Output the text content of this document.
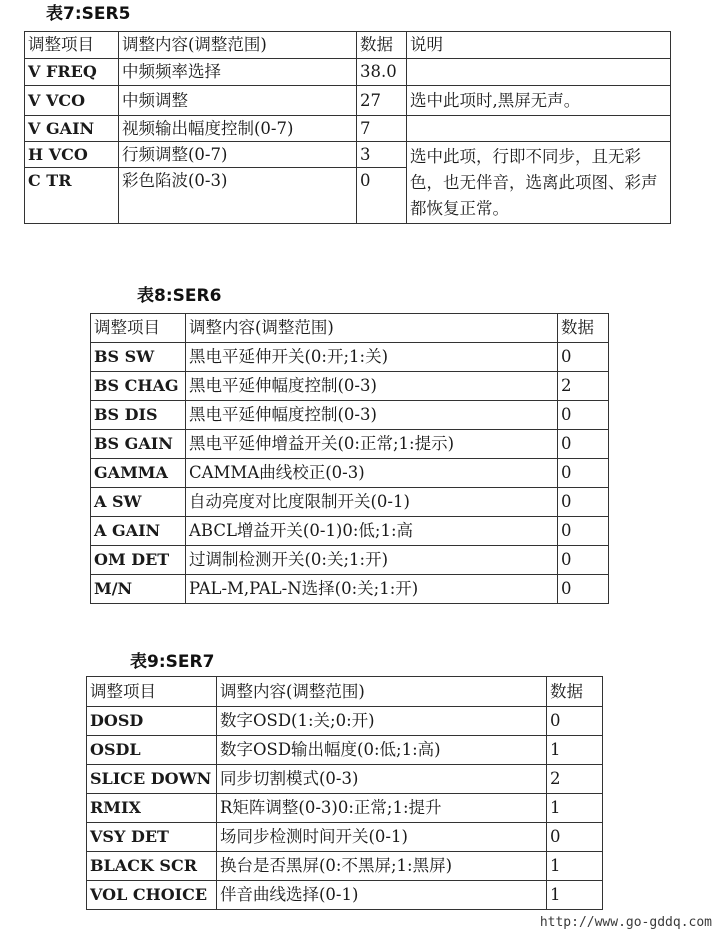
表7:SER5
调整项目	调整内容(调整范围)	数据	说明
V FREQ	中频频率选择	38.0	
V VCO	中频调整	27	选中此项时,黑屏无声。
V GAIN	视频输出幅度控制(0-7)	7	
H VCO	行频调整(0-7)	3	选中此项，行即不同步，且无彩色，也无伴音，选离此项图、彩声都恢复正常。
C TR	彩色陷波(0-3)	0	
表8:SER6
调整项目	调整内容(调整范围)	数据
BS SW	黑电平延伸开关(0:开;1:关)	0
BS CHAG	黑电平延伸幅度控制(0-3)	2
BS DIS	黑电平延伸幅度控制(0-3)	0
BS GAIN	黑电平延伸增益开关(0:正常;1:提示)	0
GAMMA	CAMMA曲线校正(0-3)	0
A SW	自动亮度对比度限制开关(0-1)	0
A GAIN	ABCL增益开关(0-1)0:低;1:高	0
OM DET	过调制检测开关(0:关;1:开)	0
M/N	PAL-M,PAL-N选择(0:关;1:开)	0
表9:SER7
调整项目	调整内容(调整范围)	数据
DOSD	数字OSD(1:关;0:开)	0
OSDL	数字OSD输出幅度(0:低;1:高)	1
SLICE DOWN	同步切割模式(0-3)	2
RMIX	R矩阵调整(0-3)0:正常;1:提升	1
VSY DET	场同步检测时间开关(0-1)	0
BLACK SCR	换台是否黑屏(0:不黑屏;1:黑屏)	1
VOL CHOICE	伴音曲线选择(0-1)	1
http://www.go-gddq.com
